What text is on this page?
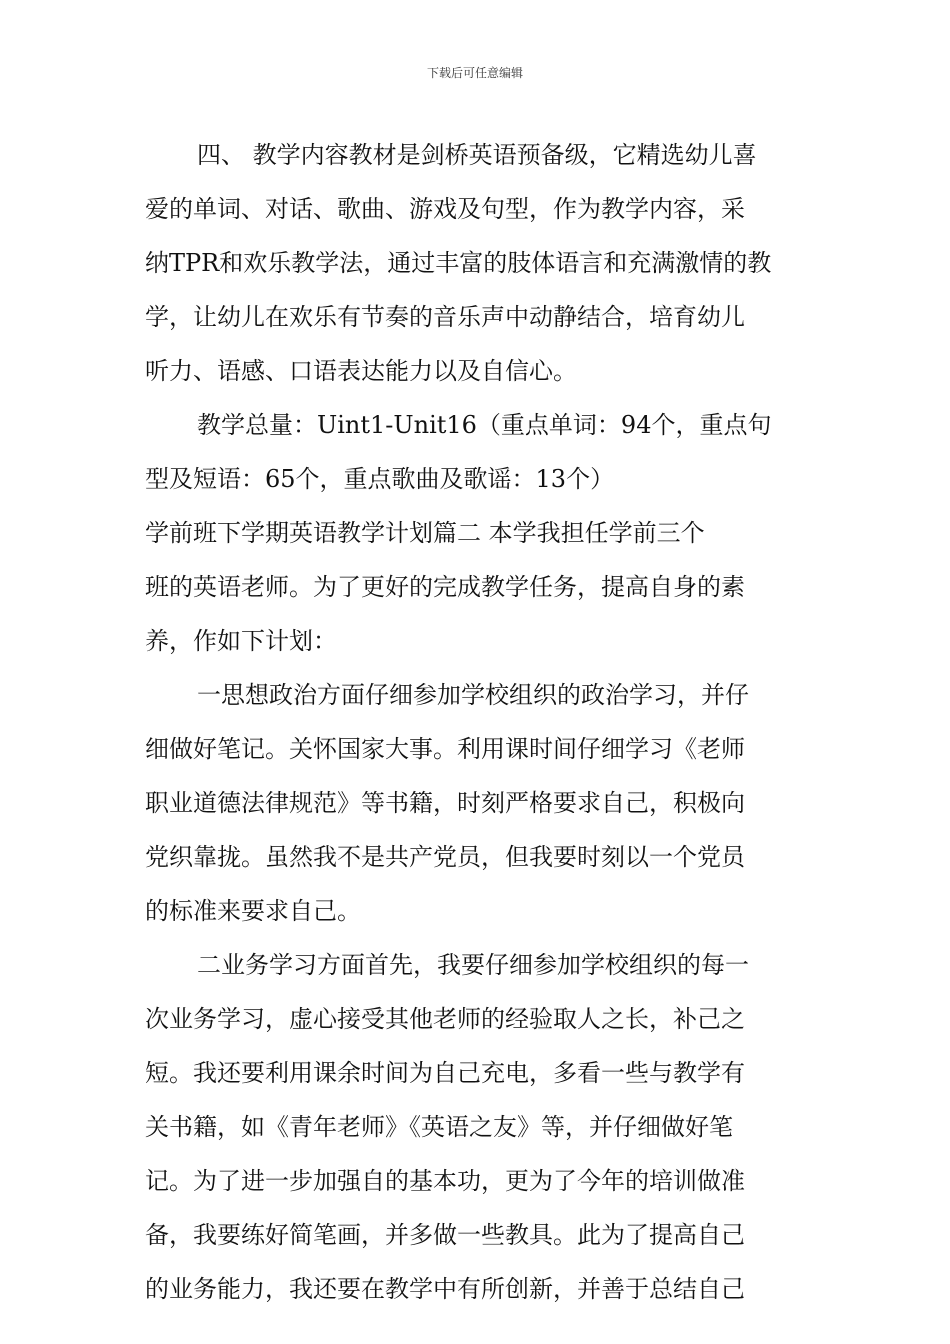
下载后可任意编辑
四、 教学内容教材是剑桥英语预备级，它精选幼儿喜
爱的单词、对话、歌曲、游戏及句型，作为教学内容，采
纳TPR和欢乐教学法，通过丰富的肢体语言和充满激情的教
学，让幼儿在欢乐有节奏的音乐声中动静结合，培育幼儿
听力、语感、口语表达能力以及自信心。
教学总量：Uint1-Unit16（重点单词：94个，重点句
型及短语：65个，重点歌曲及歌谣：13个）
学前班下学期英语教学计划篇二 本学我担任学前三个
班的英语老师。为了更好的完成教学任务，提高自身的素
养，作如下计划：
一思想政治方面仔细参加学校组织的政治学习，并仔
细做好笔记。关怀国家大事。利用课时间仔细学习《老师
职业道德法律规范》等书籍，时刻严格要求自己，积极向
党织靠拢。虽然我不是共产党员，但我要时刻以一个党员
的标准来要求自己。
二业务学习方面首先，我要仔细参加学校组织的每一
次业务学习，虚心接受其他老师的经验取人之长，补己之
短。我还要利用课余时间为自己充电，多看一些与教学有
关书籍，如《青年老师》《英语之友》等，并仔细做好笔
记。为了进一步加强自的基本功，更为了今年的培训做准
备，我要练好简笔画，并多做一些教具。此为了提高自己
的业务能力，我还要在教学中有所创新，并善于总结自己
